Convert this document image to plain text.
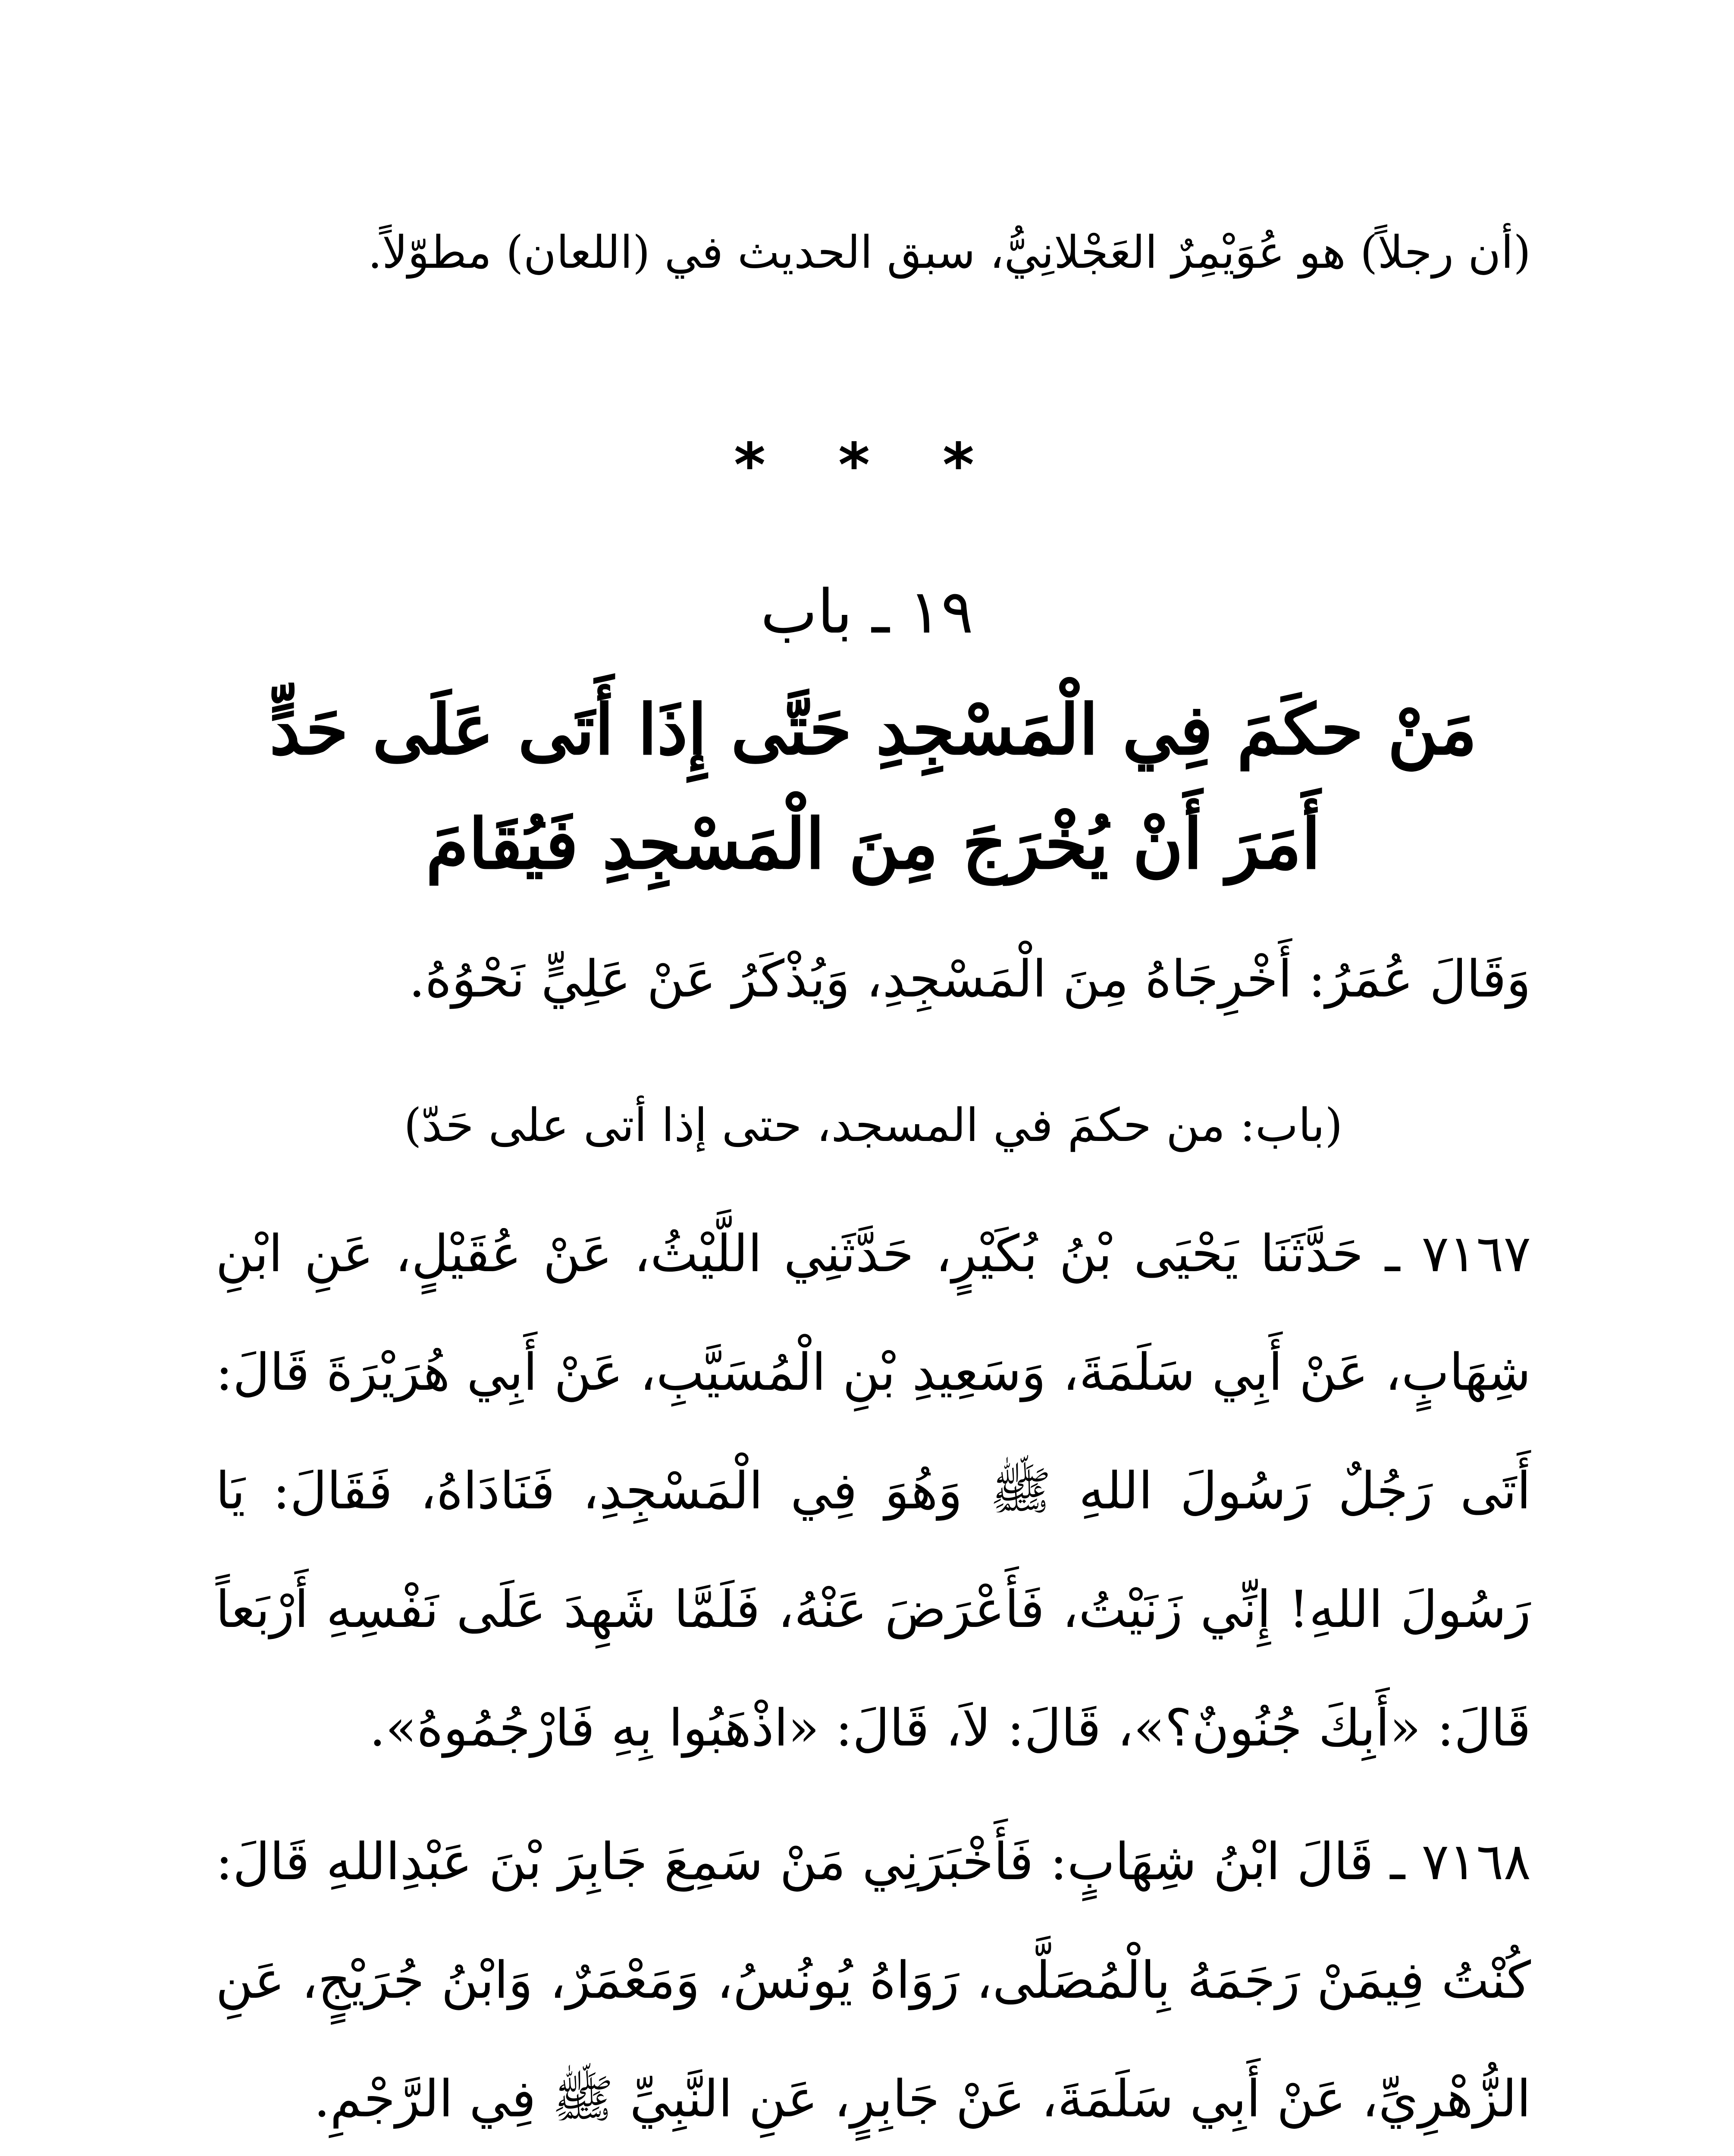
(أن رجلاً) هو عُوَيْمِرٌ العَجْلانِيُّ، سبق الحديث في (اللعان) مطوّلاً.

* * *
١٩ ـ باب
مَنْ حكَمَ فِي الْمَسْجِدِ حَتَّى إِذَا أَتَى عَلَى حَدٍّ أَمَرَ أَنْ يُخْرَجَ مِنَ الْمَسْجِدِ فَيُقَامَ

وَقَالَ عُمَرُ: أَخْرِجَاهُ مِنَ الْمَسْجِدِ، وَيُذْكَرُ عَنْ عَلِيٍّ نَحْوُهُ.

(باب: من حكمَ في المسجد، حتى إذا أتى على حَدّ)

٧١٦٧ ـ حَدَّثَنَا يَحْيَى بْنُ بُكَيْرٍ، حَدَّثَنِي اللَّيْثُ، عَنْ عُقَيْلٍ، عَنِ ابْنِ شِهَابٍ، عَنْ أَبِي سَلَمَةَ، وَسَعِيدِ بْنِ الْمُسَيَّبِ، عَنْ أَبِي هُرَيْرَةَ قَالَ: أَتَى رَجُلٌ رَسُولَ اللهِ ﷺ وَهُوَ فِي الْمَسْجِدِ، فَنَادَاهُ، فَقَالَ: يَا رَسُولَ اللهِ! إِنِّي زَنَيْتُ، فَأَعْرَضَ عَنْهُ، فَلَمَّا شَهِدَ عَلَى نَفْسِهِ أَرْبَعاً قَالَ: «أَبِكَ جُنُونٌ؟»، قَالَ: لاَ، قَالَ: «اذْهَبُوا بِهِ فَارْجُمُوهُ».

٧١٦٨ ـ قَالَ ابْنُ شِهَابٍ: فَأَخْبَرَنِي مَنْ سَمِعَ جَابِرَ بْنَ عَبْدِاللهِ قَالَ: كُنْتُ فِيمَنْ رَجَمَهُ بِالْمُصَلَّى، رَوَاهُ يُونُسُ، وَمَعْمَرٌ، وَابْنُ جُرَيْجٍ، عَنِ الزُّهْرِيِّ، عَنْ أَبِي سَلَمَةَ، عَنْ جَابِرٍ، عَنِ النَّبِيِّ ﷺ فِي الرَّجْمِ.
